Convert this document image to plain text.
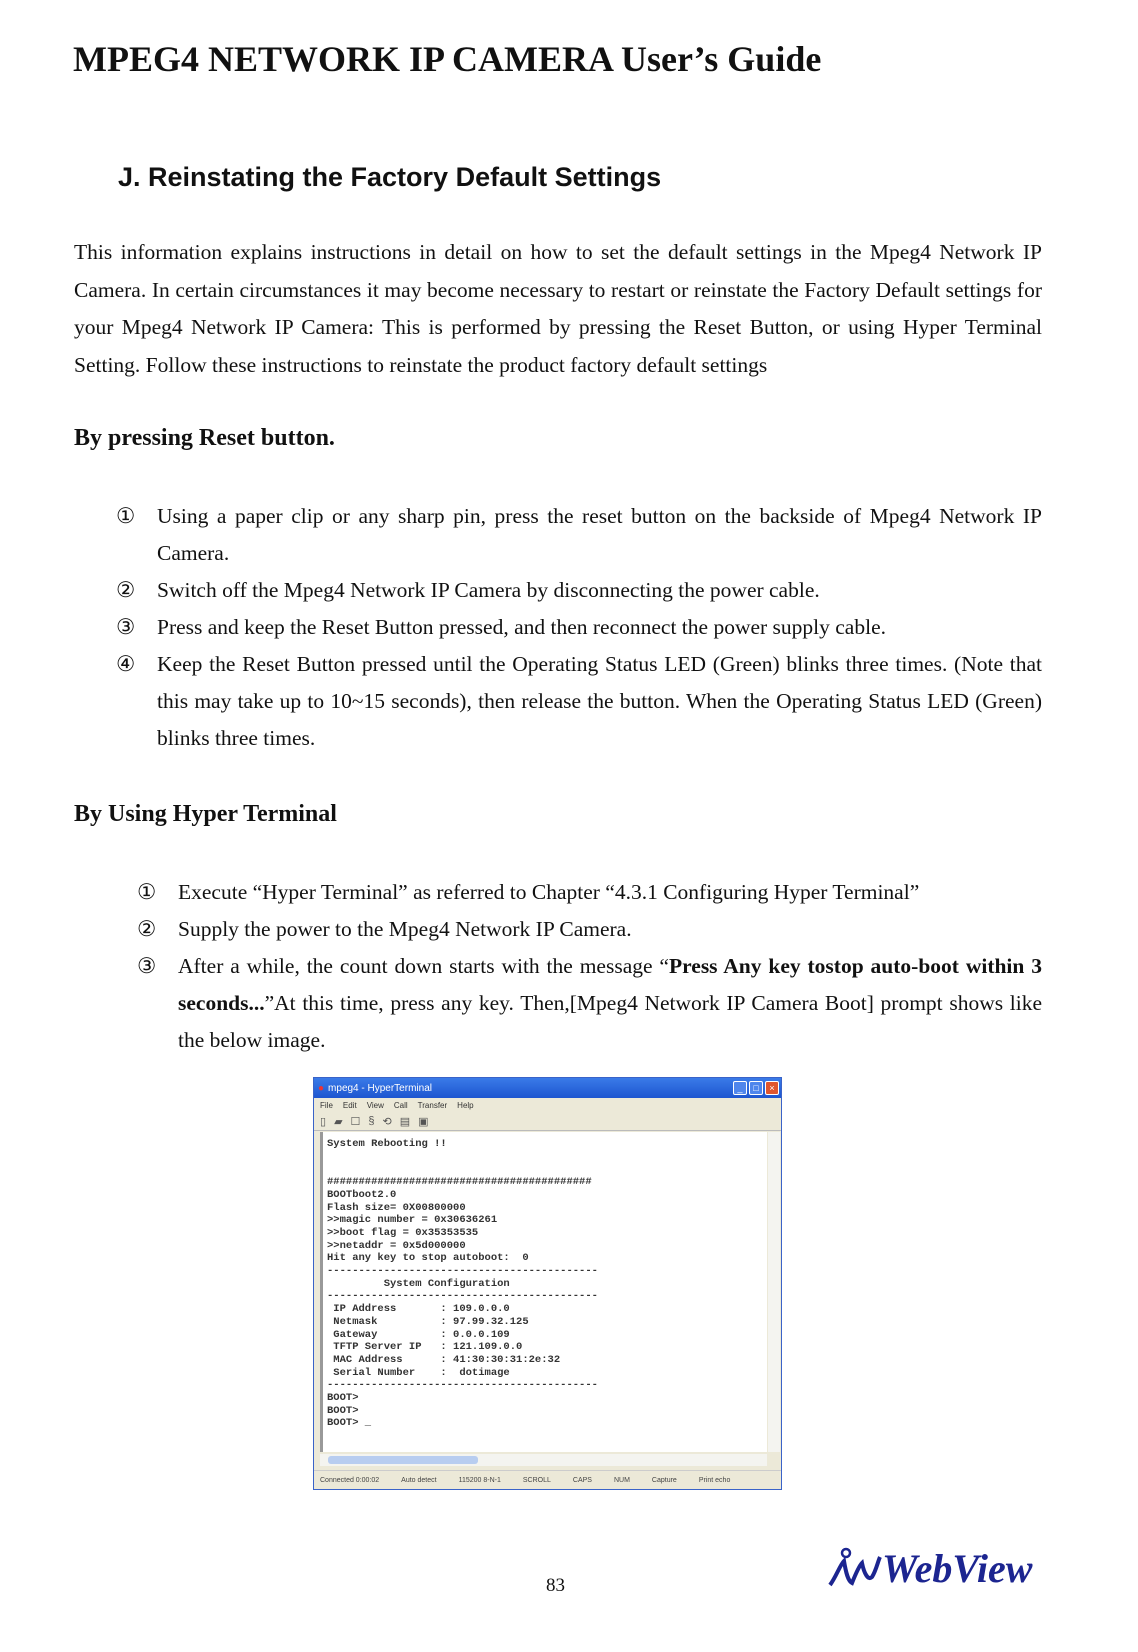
MPEG4 NETWORK IP CAMERA User’s Guide
J. Reinstating the Factory Default Settings
This information explains instructions in detail on how to set the default settings in the Mpeg4 Network IP Camera. In certain circumstances it may become necessary to restart or reinstate the Factory Default settings for your Mpeg4 Network IP Camera: This is performed by pressing the Reset Button, or using Hyper Terminal Setting. Follow these instructions to reinstate the product factory default settings
By pressing Reset button.
① Using a paper clip or any sharp pin, press the reset button on the backside of Mpeg4 Network IP Camera.
② Switch off the Mpeg4 Network IP Camera by disconnecting the power cable.
③ Press and keep the Reset Button pressed, and then reconnect the power supply cable.
④ Keep the Reset Button pressed until the Operating Status LED (Green) blinks three times. (Note that this may take up to 10~15 seconds), then release the button. When the Operating Status LED (Green) blinks three times.
By Using Hyper Terminal
① Execute “Hyper Terminal” as referred to Chapter “4.3.1 Configuring Hyper Terminal”
② Supply the power to the Mpeg4 Network IP Camera.
③ After a while, the count down starts with the message “Press Any key tostop auto-boot within 3 seconds...”At this time, press any key. Then,[Mpeg4 Network IP Camera Boot] prompt shows like the below image.
● mpeg4 - HyperTerminal	_	□	×
File Edit View Call Transfer Help
▯ ▰ ☐ § ⟲ ▤ ▣
System Rebooting !!

##########################################
BOOTboot2.0
Flash size= 0X00800000
>>magic number = 0x30636261
>>boot flag = 0x35353535
>>netaddr = 0x5d000000
Hit any key to stop autoboot:  0
-------------------------------------------
System Configuration
-------------------------------------------
IP Address       : 109.0.0.0
Netmask          : 97.99.32.125
Gateway          : 0.0.0.109
TFTP Server IP   : 121.109.0.0
MAC Address      : 41:30:30:31:2e:32
Serial Number    :  dotimage
-------------------------------------------
BOOT>
BOOT>
BOOT> _
Connected 0:00:02	Auto detect	115200 8-N-1	SCROLL	CAPS	NUM	Capture	Print echo
83	WebView
